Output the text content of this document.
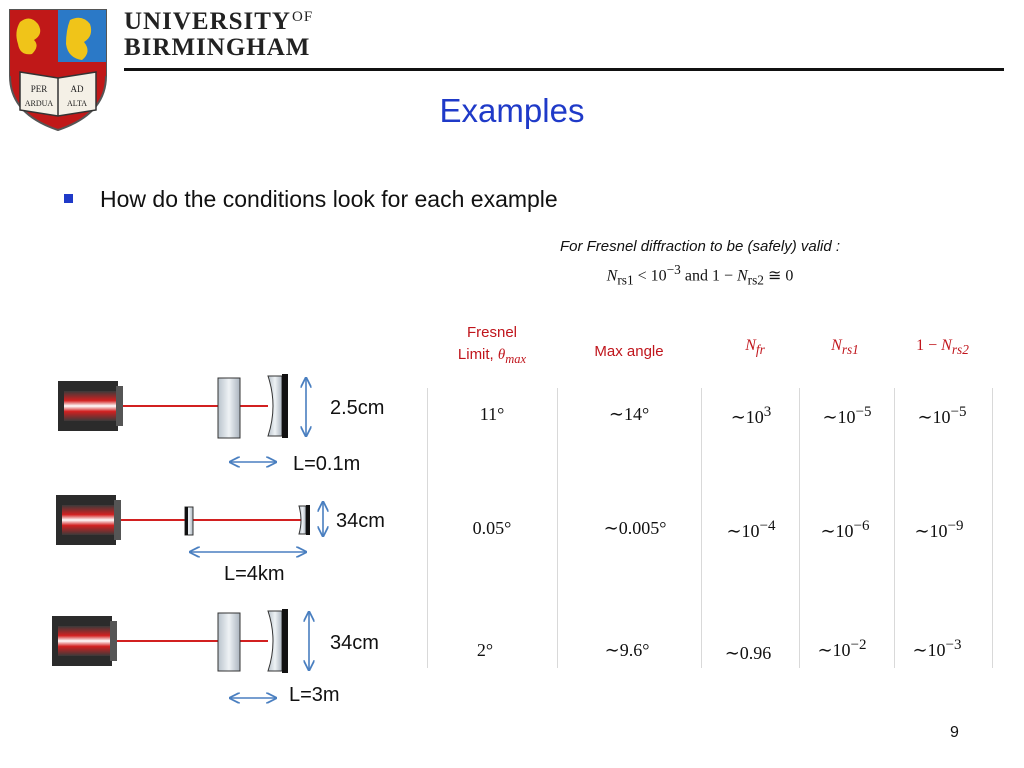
PER	AD
ARDUA ALTA
$UNIVERSITY^{OF}$
BIRMINGHAM
Examples
How do the conditions look for each example
For Fresnel diffraction to be (safely) valid :
$N_{rs1} < 10^{-3}$ and $1 - N_{rs2}$ ≅ 0
Fresnel
Limit, $\theta_{max}$	Max angle	$N_{fr}$	$N_{rs1}$	$1 - N_{rs2}$
11°	∼14°	$\sim 10^3$	$\sim 10^{-5}$	$\sim 10^{-5}$
0.05°	∼0.005°	$\sim 10^{-4}$	$\sim 10^{-6}$	$\sim 10^{-9}$
2°	∼9.6°	∼0.96	$\sim 10^{-2}$	$\sim 10^{-3}$
2.5cm
L=0.1m
34cm
L=4km
34cm
L=3m
9
